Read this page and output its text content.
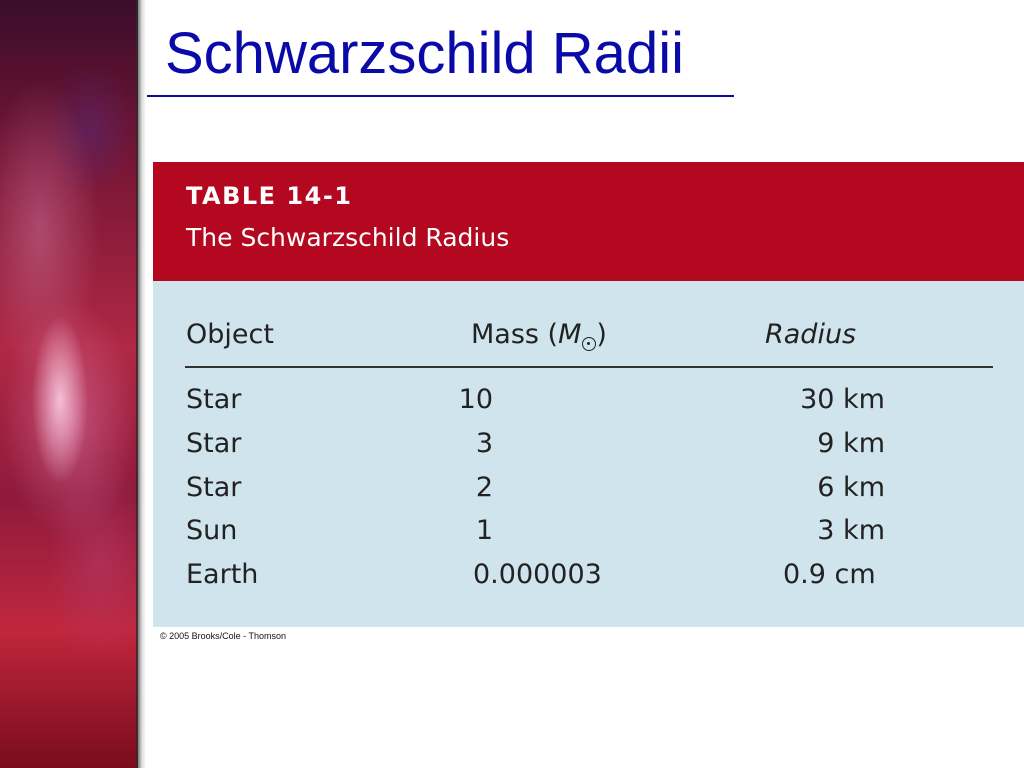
Schwarzschild Radii
TABLE 14-1
The Schwarzschild Radius
Object	Mass (M )	Radius
Star	10	30 km
Star	3	9 km
Star	2	6 km
Sun	1	3 km
Earth	0.000003	0.9 cm
© 2005 Brooks/Cole - Thomson
